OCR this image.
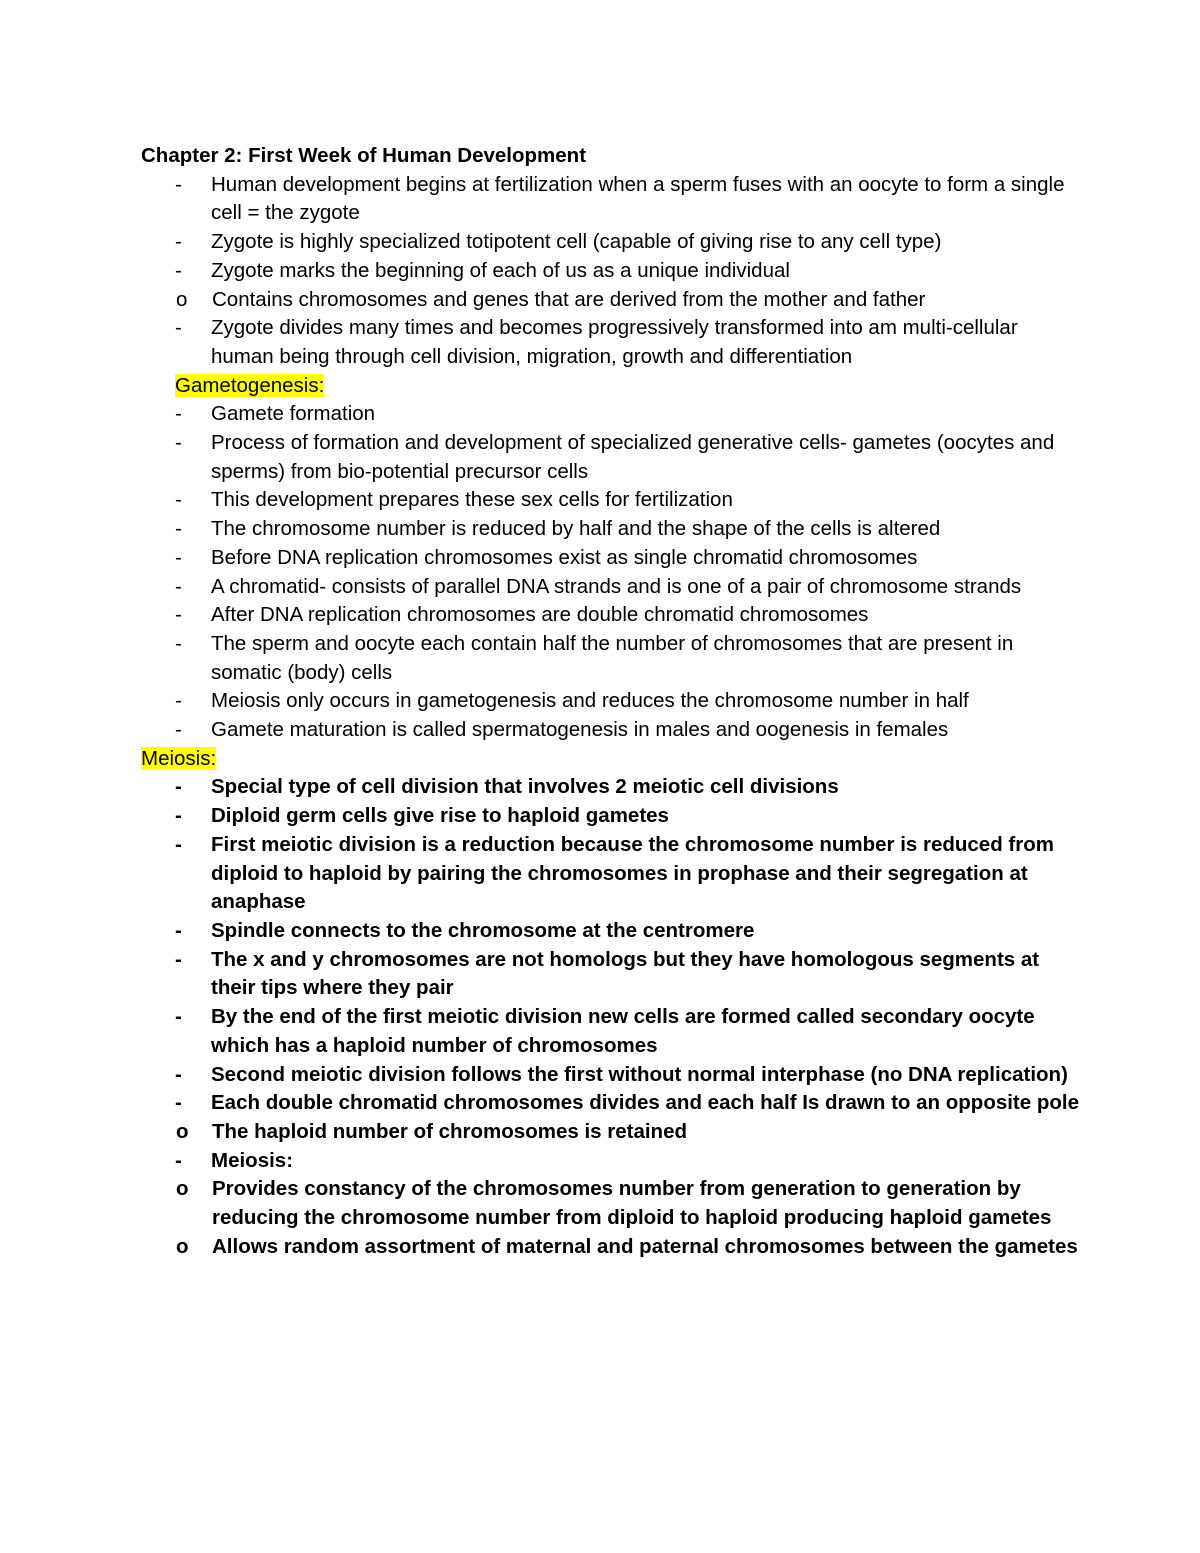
Chapter 2: First Week of Human Development

- Human development begins at fertilization when a sperm fuses with an oocyte to form a single cell = the zygote
- Zygote is highly specialized totipotent cell (capable of giving rise to any cell type)
- Zygote marks the beginning of each of us as a unique individual
o Contains chromosomes and genes that are derived from the mother and father
- Zygote divides many times and becomes progressively transformed into am multi-cellular human being through cell division, migration, growth and differentiation
Gametogenesis:
- Gamete formation
- Process of formation and development of specialized generative cells- gametes (oocytes and sperms) from bio-potential precursor cells
- This development prepares these sex cells for fertilization
- The chromosome number is reduced by half and the shape of the cells is altered
- Before DNA replication chromosomes exist as single chromatid chromosomes
- A chromatid- consists of parallel DNA strands and is one of a pair of chromosome strands
- After DNA replication chromosomes are double chromatid chromosomes
- The sperm and oocyte each contain half the number of chromosomes that are present in somatic (body) cells
- Meiosis only occurs in gametogenesis and reduces the chromosome number in half
- Gamete maturation is called spermatogenesis in males and oogenesis in females
Meiosis:
- Special type of cell division that involves 2 meiotic cell divisions
- Diploid germ cells give rise to haploid gametes
- First meiotic division is a reduction because the chromosome number is reduced from diploid to haploid by pairing the chromosomes in prophase and their segregation at anaphase
- Spindle connects to the chromosome at the centromere
- The x and y chromosomes are not homologs but they have homologous segments at their tips where they pair
- By the end of the first meiotic division new cells are formed called secondary oocyte which has a haploid number of chromosomes
- Second meiotic division follows the first without normal interphase (no DNA replication)
- Each double chromatid chromosomes divides and each half Is drawn to an opposite pole
o The haploid number of chromosomes is retained
- Meiosis:
o Provides constancy of the chromosomes number from generation to generation by reducing the chromosome number from diploid to haploid producing haploid gametes
o Allows random assortment of maternal and paternal chromosomes between the gametes
